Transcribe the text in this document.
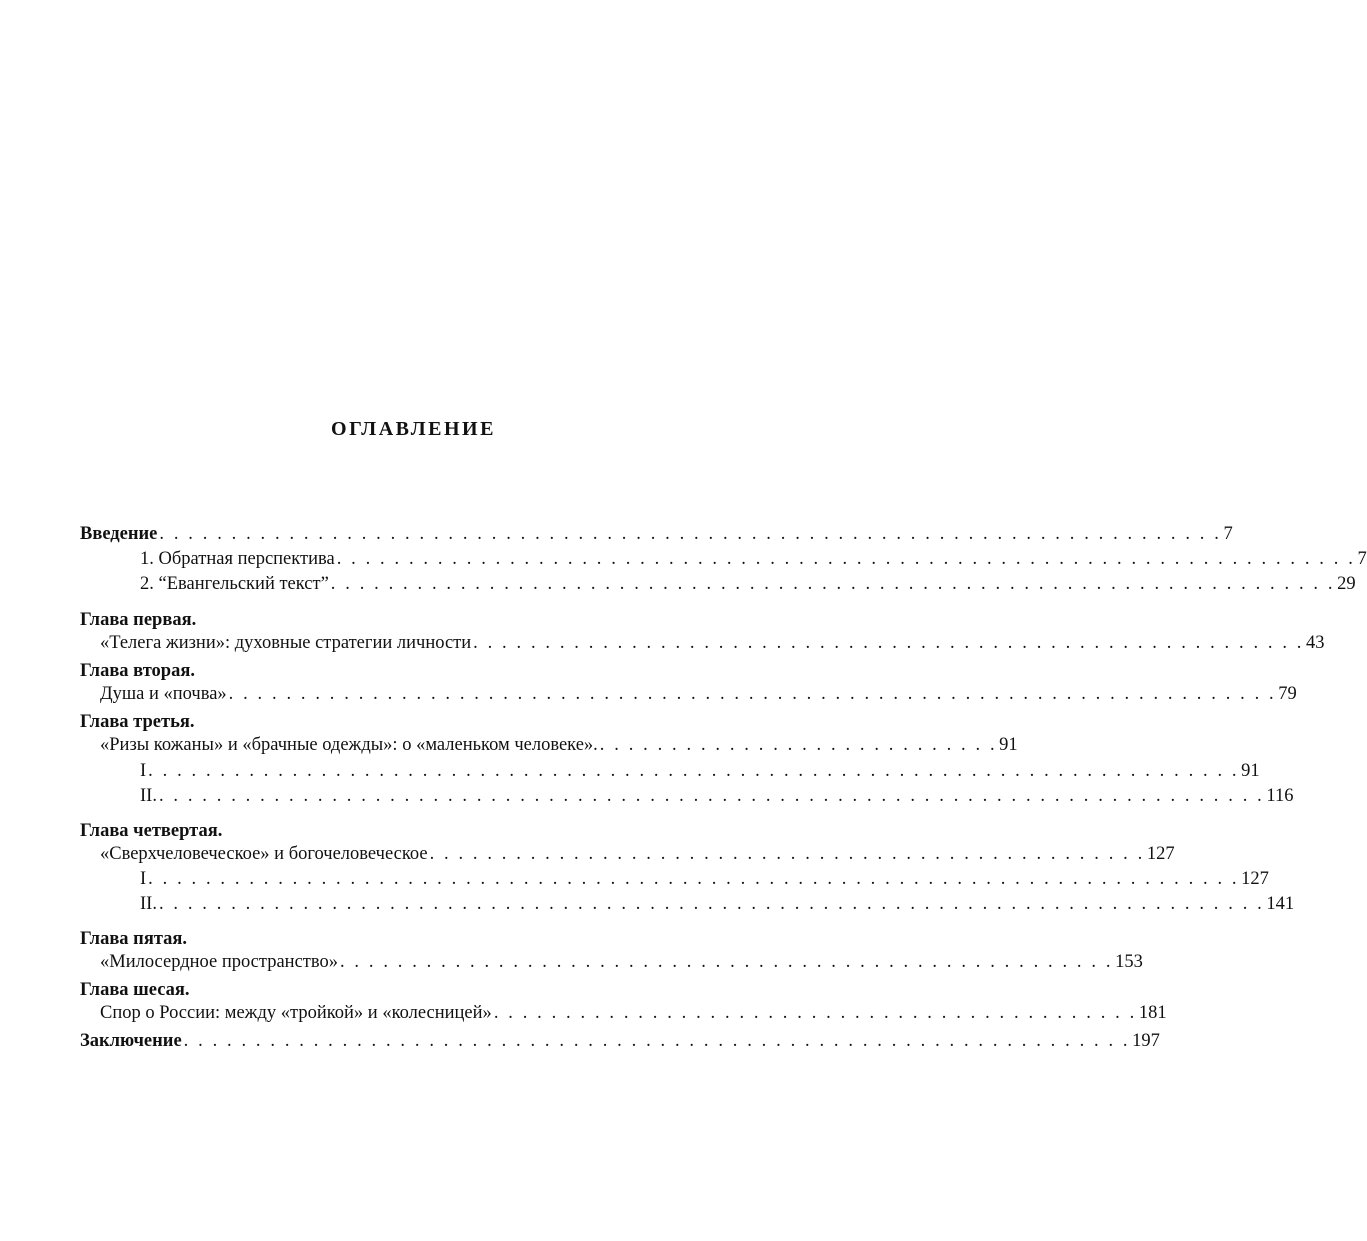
ОГЛАВЛЕНИЕ
Введение . . . . . . . . . . . . . . . . . . . . . . . . . . . . . . . . . . . . . . . . . . . . . . . . . . . . . . . . . . . . . . . . . . . . . . . . . . 7
1. Обратная перспектива . . . . . . . . . . . . . . . . . . . . . . . . . . . . . . . . . . . . . . . . . . . . . . . . . . . . . . . . . . . . . . . . . . . . . . . 7
2. “Евангельский текст” . . . . . . . . . . . . . . . . . . . . . . . . . . . . . . . . . . . . . . . . . . . . . . . . . . . . . . . . . . . . . . . . . . . . . . 29
Глава первая.
«Телега жизни»: духовные стратегии личности . . . . . . . . . . . . . . . . . . . . . . . . . . . . . . . . . . . . . . . . . . . . . . . . . . . . . . . . . . 43
Глава вторая.
Душа и «почва» . . . . . . . . . . . . . . . . . . . . . . . . . . . . . . . . . . . . . . . . . . . . . . . . . . . . . . . . . . . . . . . . . . . . . . . . . 79
Глава третья.
«Ризы кожаны» и «брачные одежды»: о «маленьком человеке». . . . . . . . . . . . . . . . . . . . . . . . . . . . . 91
I . . . . . . . . . . . . . . . . . . . . . . . . . . . . . . . . . . . . . . . . . . . . . . . . . . . . . . . . . . . . . . . . . . . . . . . . . . . . 91
II. . . . . . . . . . . . . . . . . . . . . . . . . . . . . . . . . . . . . . . . . . . . . . . . . . . . . . . . . . . . . . . . . . . . . . . . . . . . . . 116
Глава четвертая.
«Сверхчеловеческое» и богочеловеческое . . . . . . . . . . . . . . . . . . . . . . . . . . . . . . . . . . . . . . . . . . . . . . . . . . 127
I . . . . . . . . . . . . . . . . . . . . . . . . . . . . . . . . . . . . . . . . . . . . . . . . . . . . . . . . . . . . . . . . . . . . . . . . . . . . 127
II. . . . . . . . . . . . . . . . . . . . . . . . . . . . . . . . . . . . . . . . . . . . . . . . . . . . . . . . . . . . . . . . . . . . . . . . . . . . . . 141
Глава пятая.
«Милосердное пространство» . . . . . . . . . . . . . . . . . . . . . . . . . . . . . . . . . . . . . . . . . . . . . . . . . . . . . . 153
Глава шесая.
Спор о России: между «тройкой» и «колесницей» . . . . . . . . . . . . . . . . . . . . . . . . . . . . . . . . . . . . . . . . . . . . . 181
Заключение . . . . . . . . . . . . . . . . . . . . . . . . . . . . . . . . . . . . . . . . . . . . . . . . . . . . . . . . . . . . . . . . . . 197
